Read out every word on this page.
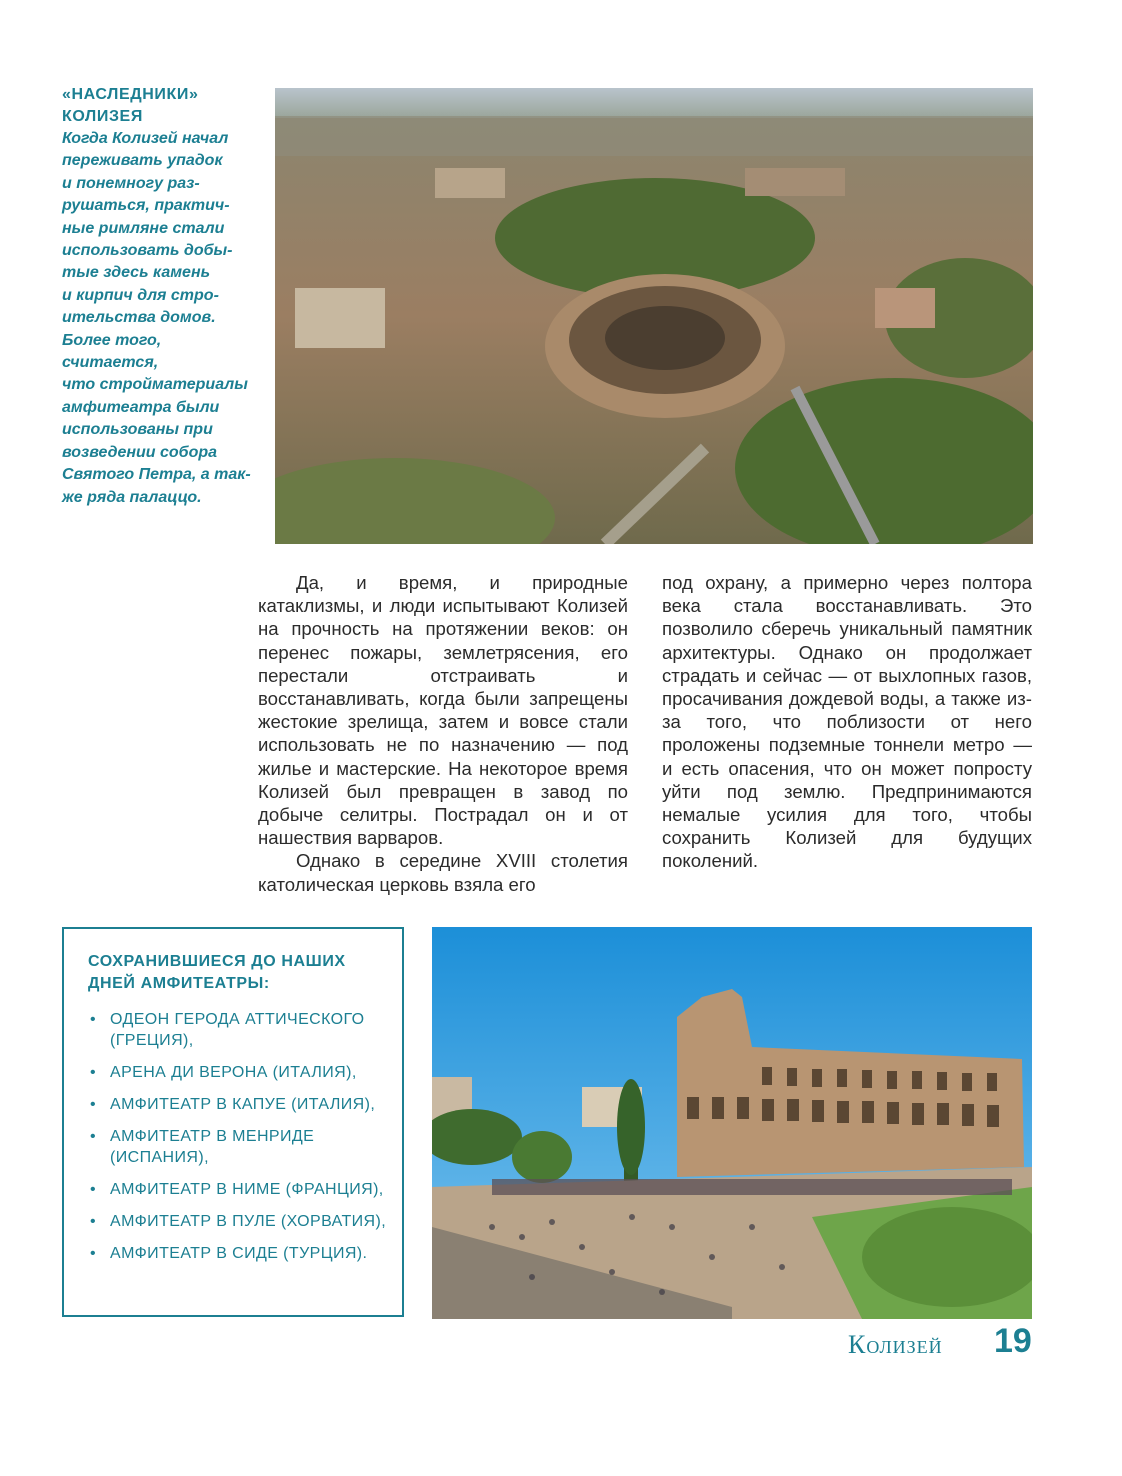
«НАСЛЕДНИКИ»
КОЛИЗЕЯ
Когда Колизей начал
переживать упадок
и понемногу раз-
рушаться, практич-
ные римляне стали
использовать добы-
тые здесь камень
и кирпич для стро-
ительства домов.
Более того, считается,
что стройматериалы
амфитеатра были
использованы при
возведении собора
Святого Петра, а так-
же ряда палаццо.

Да, и время, и природные катаклизмы, и люди испытывают Колизей на прочность на протяжении веков: он перенес пожары, землетрясения, его перестали отстраивать и восстанавливать, когда были запрещены жестокие зрелища, затем и вовсе стали использовать не по назначению — под жилье и мастерские. На некоторое время Колизей был превращен в завод по добыче селитры. Пострадал он и от нашествия варваров.

Однако в середине XVIII столетия католическая церковь взяла его

под охрану, а примерно через полтора века стала восстанавливать. Это позволило сберечь уникальный памятник архитектуры. Однако он продолжает страдать и сейчас — от выхлопных газов, просачивания дождевой воды, а также из-за того, что поблизости от него проложены подземные тоннели метро — и есть опасения, что он может попросту уйти под землю. Предпринимаются немалые усилия для того, чтобы сохранить Колизей для будущих поколений.

СОХРАНИВШИЕСЯ ДО НАШИХ ДНЕЙ АМФИТЕАТРЫ:
• ОДЕОН ГЕРОДА АТТИЧЕСКОГО (ГРЕЦИЯ),
• АРЕНА ДИ ВЕРОНА (ИТАЛИЯ),
• АМФИТЕАТР В КАПУЕ (ИТАЛИЯ),
• АМФИТЕАТР В МЕНРИДЕ (ИСПАНИЯ),
• АМФИТЕАТР В НИМЕ (ФРАНЦИЯ),
• АМФИТЕАТР В ПУЛЕ (ХОРВАТИЯ),
• АМФИТЕАТР В СИДЕ (ТУРЦИЯ).
Колизей 19
